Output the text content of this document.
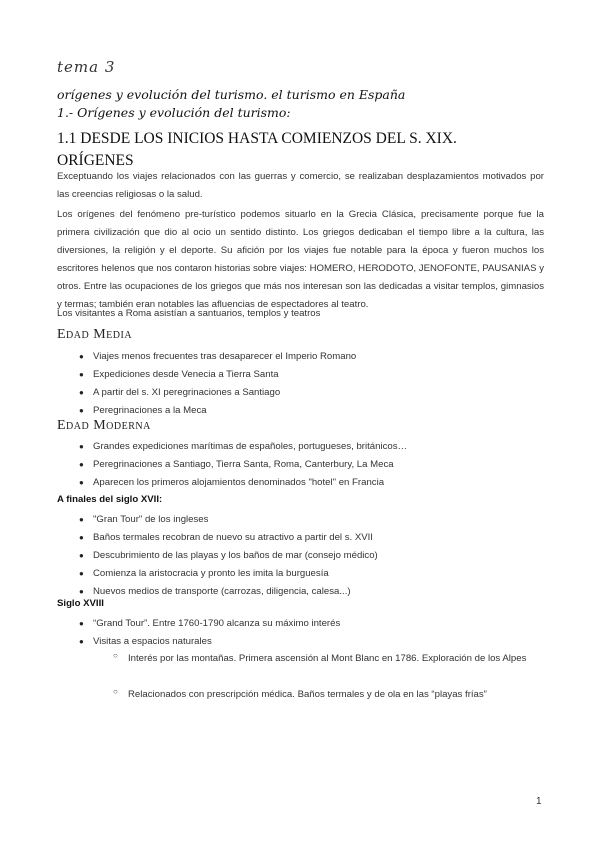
tema 3
orígenes y evolución del turismo. el turismo en España
1.- Orígenes y evolución del turismo:
1.1 DESDE LOS INICIOS HASTA COMIENZOS DEL S. XIX.
ORÍGENES

Exceptuando los viajes relacionados con las guerras y comercio, se realizaban desplazamientos motivados por las creencias religiosas o la salud.

Los orígenes del fenómeno pre-turístico podemos situarlo en la Grecia Clásica, precisamente porque fue la primera civilización que dio al ocio un sentido distinto. Los griegos dedicaban el tiempo libre a la cultura, las diversiones, la religión y el deporte. Su afición por los viajes fue notable para la época y fueron muchos los escritores helenos que nos contaron historias sobre viajes: HOMERO, HERODOTO, JENOFONTE, PAUSANIAS y otros. Entre las ocupaciones de los griegos que más nos interesan son las dedicadas a visitar templos, gimnasios y termas; también eran notables las afluencias de espectadores al teatro.

Los visitantes a Roma asistían a santuarios, templos y teatros
Edad Media
● Viajes menos frecuentes tras desaparecer el Imperio Romano
● Expediciones desde Venecia a Tierra Santa
● A partir del s. XI peregrinaciones a Santiago
● Peregrinaciones a la Meca
Edad Moderna
● Grandes expediciones marítimas de españoles, portugueses, británicos…
● Peregrinaciones a Santiago, Tierra Santa, Roma, Canterbury, La Meca
● Aparecen los primeros alojamientos denominados "hotel" en Francia
A finales del siglo XVII:
● "Gran Tour" de los ingleses
● Baños termales recobran de nuevo su atractivo a partir del s. XVII
● Descubrimiento de las playas y los baños de mar (consejo médico)
● Comienza la aristocracia y pronto les imita la burguesía
● Nuevos medios de transporte (carrozas, diligencia, calesa...)
Siglo XVIII
● “Grand Tour”. Entre 1760-1790 alcanza su máximo interés
● Visitas a espacios naturales
○ Interés por las montañas. Primera ascensión al Mont Blanc en 1786. Exploración de los Alpes
○ Relacionados con prescripción médica. Baños termales y de ola en las “playas frías”
1
